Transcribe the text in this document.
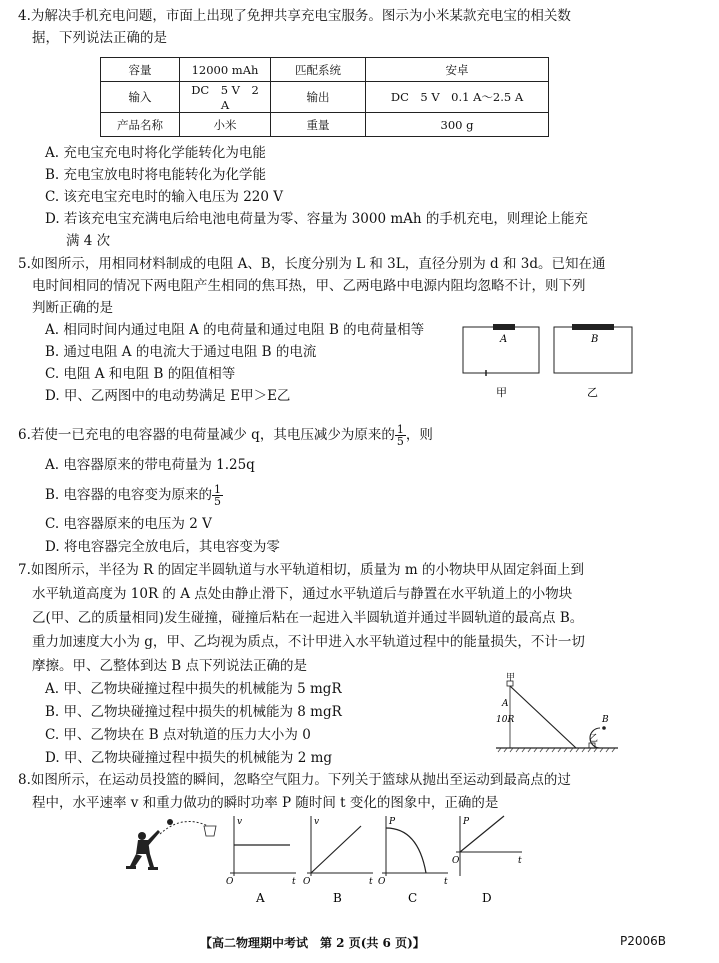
4.为解决手机充电问题，市面上出现了免押共享充电宝服务。图示为小米某款充电宝的相关数
据，下列说法正确的是
容量	12000 mAh	匹配系统	安卓
输入	DC　5 V　2 A	输出	DC　5 V　0.1 A～2.5 A
产品名称	小米	重量	300 g
A. 充电宝充电时将化学能转化为电能
B. 充电宝放电时将电能转化为化学能
C. 该充电宝充电时的输入电压为 220 V
D. 若该充电宝充满电后给电池电荷量为零、容量为 3000 mAh 的手机充电，则理论上能充
满 4 次
5.如图所示，用相同材料制成的电阻 A、B，长度分别为 L 和 3L，直径分别为 d 和 3d。已知在通
电时间相同的情况下两电阻产生相同的焦耳热，甲、乙两电路中电源内阻均忽略不计，则下列
判断正确的是
A. 相同时间内通过电阻 A 的电荷量和通过电阻 B 的电荷量相等
B. 通过电阻 A 的电流大于通过电阻 B 的电流
C. 电阻 A 和电阻 B 的阻值相等
D. 甲、乙两图中的电动势满足 E甲＞E乙
A	B
甲	乙
6.若使一已充电的电容器的电荷量减少 q，其电压减少为原来的 $\frac{1}{5}$ ，则
A. 电容器原来的带电荷量为 1.25q
B. 电容器的电容变为原来的 $\frac{1}{5}$
C. 电容器原来的电压为 2 V
D. 将电容器完全放电后，其电容变为零
7.如图所示，半径为 R 的固定半圆轨道与水平轨道相切，质量为 m 的小物块甲从固定斜面上到
水平轨道高度为 10R 的 A 点处由静止滑下，通过水平轨道后与静置在水平轨道上的小物块
乙(甲、乙的质量相同)发生碰撞，碰撞后粘在一起进入半圆轨道并通过半圆轨道的最高点 B。
重力加速度大小为 g，甲、乙均视为质点，不计甲进入水平轨道过程中的能量损失，不计一切
摩擦。甲、乙整体到达 B 点下列说法正确的是
A. 甲、乙物块碰撞过程中损失的机械能为 5 mgR
B. 甲、乙物块碰撞过程中损失的机械能为 8 mgR
C. 甲、乙物块在 B 点对轨道的压力大小为 0
D. 甲、乙物块碰撞过程中损失的机械能为 2 mg
甲
A
10R	B
乙
8.如图所示，在运动员投篮的瞬间，忽略空气阻力。下列关于篮球从抛出至运动到最高点的过
程中，水平速率 v 和重力做功的瞬时功率 P 随时间 t 变化的图象中，正确的是
v
t
O
A
v
t
O
B
P
t
O
C
P
t
O
D
【高二物理期中考试　第 2 页(共 6 页)】	P2006B
